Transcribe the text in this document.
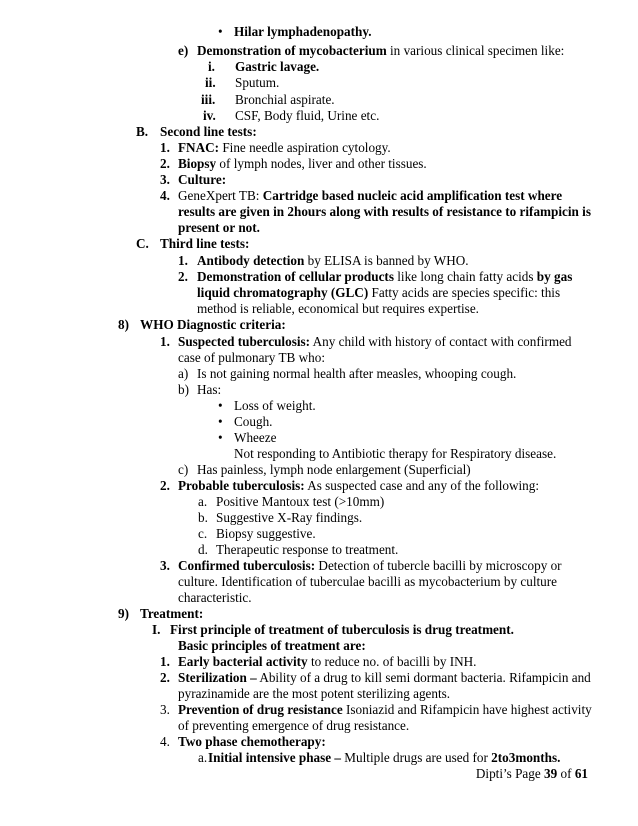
• Hilar lymphadenopathy.
e) Demonstration of mycobacterium in various clinical specimen like:
i. Gastric lavage.
ii. Sputum.
iii. Bronchial aspirate.
iv. CSF, Body fluid, Urine etc.
B. Second line tests:
1. FNAC: Fine needle aspiration cytology.
2. Biopsy of lymph nodes, liver and other tissues.
3. Culture:
4. GeneXpert TB: Cartridge based nucleic acid amplification test where
results are given in 2hours along with results of resistance to rifampicin is
present or not.
C. Third line tests:
1. Antibody detection by ELISA is banned by WHO.
2. Demonstration of cellular products like long chain fatty acids by gas
liquid chromatography (GLC) Fatty acids are species specific: this
method is reliable, economical but requires expertise.
8) WHO Diagnostic criteria:
1. Suspected tuberculosis: Any child with history of contact with confirmed
case of pulmonary TB who:
a) Is not gaining normal health after measles, whooping cough.
b) Has:
• Loss of weight.
• Cough.
• Wheeze
Not responding to Antibiotic therapy for Respiratory disease.
c) Has painless, lymph node enlargement (Superficial)
2. Probable tuberculosis: As suspected case and any of the following:
a. Positive Mantoux test (>10mm)
b. Suggestive X-Ray findings.
c. Biopsy suggestive.
d. Therapeutic response to treatment.
3. Confirmed tuberculosis: Detection of tubercle bacilli by microscopy or
culture. Identification of tuberculae bacilli as mycobacterium by culture
characteristic.
9) Treatment:
I. First principle of treatment of tuberculosis is drug treatment.
Basic principles of treatment are:
1. Early bacterial activity to reduce no. of bacilli by INH.
2. Sterilization – Ability of a drug to kill semi dormant bacteria. Rifampicin and
pyrazinamide are the most potent sterilizing agents.
3. Prevention of drug resistance Isoniazid and Rifampicin have highest activity
of preventing emergence of drug resistance.
4. Two phase chemotherapy:
a. Initial intensive phase – Multiple drugs are used for 2to3months.
Dipti’s Page 39 of 61
